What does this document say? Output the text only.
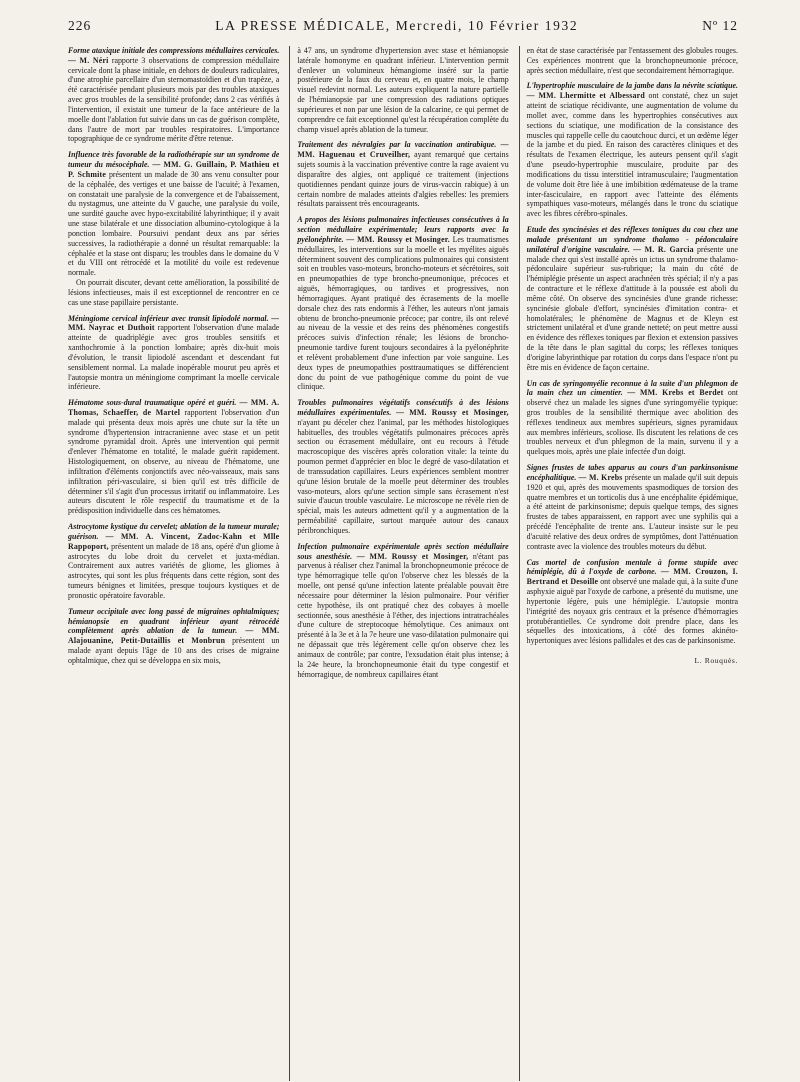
226	LA PRESSE MÉDICALE, Mercredi, 10 Février 1932	Nº 12
Forme ataxique initiale des compressions médullaires cervicales. — M. Néri rapporte 3 observations de compression médullaire cervicale dont la phase initiale, en dehors de douleurs radiculaires, d'une atrophie parcellaire d'un sternomastoïdien et d'un trapèze, a été caractérisée pendant plusieurs mois par des troubles ataxiques avec gros troubles de la sensibilité profonde; dans 2 cas vérifiés à l'intervention, il existait une tumeur de la face antérieure de la moelle dont l'ablation fut suivie dans un cas de guérison complète, dans l'autre de mort par troubles respiratoires. L'importance topographique de ce syndrome mérite d'être retenue.
Influence très favorable de la radiothérapie sur un syndrome de tumeur du mésocéphale. — MM. G. Guillain, P. Mathieu et P. Schmite présentent un malade de 30 ans venu consulter pour de la céphalée, des vertiges et une baisse de l'acuité; à l'examen, on constatait une paralysie de la convergence et de l'abaissement, du nystagmus, une atteinte du V gauche, une paralysie du voile, une surdité gauche avec hypo-excitabilité labyrinthique; il y avait une stase bilatérale et une dissociation albumino-cytologique à la ponction lombaire. Poursuivi pendant deux ans par séries successives, la radiothérapie a donné un résultat remarquable: la céphalée et la stase ont disparu; les troubles dans le domaine du V et du VIII ont rétrocédé et la motilité du voile est redevenue normale.
On pourrait discuter, devant cette amélioration, la possibilité de lésions infectieuses, mais il est exceptionnel de rencontrer en ce cas une stase papillaire persistante.
Méningiome cervical inférieur avec transit lipiodolé normal. — MM. Nayrac et Duthoit rapportent l'observation d'une malade atteinte de quadriplégie avec gros troubles sensitifs et xanthochromie à la ponction lombaire; après dix-huit mois d'évolution, le transit lipiodolé ascendant et descendant fut sensiblement normal. La malade inopérable mourut peu après et l'autopsie montra un méningiome comprimant la moelle cervicale inférieure.
Hématome sous-dural traumatique opéré et guéri. — MM. A. Thomas, Schaeffer, de Martel rapportent l'observation d'un malade qui présenta deux mois après une chute sur la tête un syndrome d'hypertension intracranienne avec stase et un petit syndrome pyramidal droit. Après une intervention qui permit d'enlever l'hématome en totalité, le malade guérit rapidement. Histologiquement, on observe, au niveau de l'hématome, une infiltration d'éléments conjonctifs avec néo-vaisseaux, mais sans infiltration péri-vasculaire, si bien qu'il est très difficile de déterminer s'il s'agit d'un processus irritatif ou inflammatoire. Les auteurs discutent le rôle respectif du traumatisme et de la prédisposition individuelle dans ces hématomes.
Astrocytome kystique du cervelet; ablation de la tumeur murale; guérison. — MM. A. Vincent, Zadoc-Kahn et Mlle Rappoport, présentent un malade de 18 ans, opéré d'un gliome à astrocytes du lobe droit du cervelet et juxta-médian. Contrairement aux autres variétés de gliome, les gliomes à astrocytes, qui sont les plus fréquents dans cette région, sont des tumeurs bénignes et limitées, presque toujours kystiques et de pronostic opératoire favorable.
Tumeur occipitale avec long passé de migraines ophtalmiques; hémianopsie en quadrant inférieur ayant rétrocédé complètement après ablation de la tumeur. — MM. Alajouanine, Petit-Dutaillis et Monbrun présentent un malade ayant depuis l'âge de 10 ans des crises de migraine ophtalmique, chez qui se développa en six mois,
à 47 ans, un syndrome d'hypertension avec stase et hémianopsie latérale homonyme en quadrant inférieur. L'intervention permit d'enlever un volumineux hémangiome inséré sur la partie postérieure de la faux du cerveau et, en quatre mois, le champ visuel redevint normal. Les auteurs expliquent la nature partielle de l'hémianopsie par une compression des radiations optiques supérieures et non par une lésion de la calcarine, ce qui permet de comprendre ce fait exceptionnel qu'est la récupération complète du champ visuel après ablation de la tumeur.
Traitement des névralgies par la vaccination antirabique. — MM. Haguenau et Cruveilher, ayant remarqué que certains sujets soumis à la vaccination préventive contre la rage avaient vu disparaître des algies, ont appliqué ce traitement (injections quotidiennes pendant quinze jours de virus-vaccin rabique) à un certain nombre de malades atteints d'algies rebelles: les premiers résultats paraissent très encourageants.
A propos des lésions pulmonaires infectieuses consécutives à la section médullaire expérimentale; leurs rapports avec la pyélonéphrite. — MM. Roussy et Mosinger. Les traumatismes médullaires, les interventions sur la moelle et les myélites aiguës déterminent souvent des complications pulmonaires qui consistent soit en troubles vaso-moteurs, broncho-moteurs et sécrétoires, soit en pneumopathies de type broncho-pneumonique, précoces et aiguës, hémorragiques, ou tardives et progressives, non hémorragiques. Ayant pratiqué des écrasements de la moelle dorsale chez des rats endormis à l'éther, les auteurs n'ont jamais obtenu de broncho-pneumonie précoce; par contre, ils ont relevé au niveau de la vessie et des reins des phénomènes congestifs précoces suivis d'infection rénale; les lésions de broncho-pneumonie tardive furent toujours secondaires à la pyélonéphrite et relèvent probablement d'une infection par voie sanguine. Les deux types de pneumopathies posttraumatiques se différencient donc du point de vue pathogénique comme du point de vue clinique.
Troubles pulmonaires végétatifs consécutifs à des lésions médullaires expérimentales. — MM. Roussy et Mosinger, n'ayant pu déceler chez l'animal, par les méthodes histologiques habituelles, des troubles végétatifs pulmonaires précoces après section ou écrasement médullaire, ont eu recours à l'étude macroscopique des viscères après coloration vitale: la teinte du poumon permet d'apprécier en bloc le degré de vaso-dilatation et de transsudation capillaires. Leurs expériences semblent montrer qu'une lésion brutale de la moelle peut déterminer des troubles vaso-moteurs, alors qu'une section simple sans écrasement n'est suivie d'aucun trouble vasculaire. Le microscope ne révèle rien de spécial, mais les auteurs admettent qu'il y a augmentation de la perméabilité capillaire, surtout marquée autour des canaux péribronchiques.
Infection pulmonaire expérimentale après section médullaire sous anesthésie. — MM. Roussy et Mosinger, n'étant pas parvenus à réaliser chez l'animal la bronchopneumonie précoce de type hémorragique telle qu'on l'observe chez les blessés de la moelle, ont pensé qu'une infection latente préalable pouvait être nécessaire pour déterminer la lésion pulmonaire. Pour vérifier cette hypothèse, ils ont pratiqué chez des cobayes à moelle sectionnée, sous anesthésie à l'éther, des injections intratrachéales d'une culture de streptocoque hémolytique. Ces animaux ont présenté à la 3e et à la 7e heure une vaso-dilatation pulmonaire qui ne dépassait que très légèrement celle qu'on observe chez les animaux de contrôle; par contre, l'exsudation était plus intense; à la 24e heure, la bronchopneumonie était du type congestif et hémorragique, de nombreux capillaires étant
en état de stase caractérisée par l'entassement des globules rouges. Ces expériences montrent que la bronchopneumonie précoce, après section médullaire, n'est que secondairement hémorragique.
L'hypertrophie musculaire de la jambe dans la névrite sciatique. — MM. Lhermitte et Albessard ont constaté, chez un sujet atteint de sciatique récidivante, une augmentation de volume du mollet avec, comme dans les hypertrophies consécutives aux sections du sciatique, une modification de la consistance des muscles qui rappelle celle du caoutchouc durci, et un œdème léger de la jambe et du pied. En raison des caractères cliniques et des résultats de l'examen électrique, les auteurs pensent qu'il s'agit d'une pseudo-hypertrophie musculaire, produite par des modifications du tissu interstitiel intramusculaire; l'augmentation de volume doit être liée à une imbibition œdémateuse de la trame inter-fasciculaire, en rapport avec l'atteinte des éléments sympathiques vaso-moteurs, mélangés dans le tronc du sciatique avec les fibres cérébro-spinales.
Etude des syncinésies et des réflexes toniques du cou chez une malade présentant un syndrome thalamo - pédonculaire unilatéral d'origine vasculaire. — M. R. Garcia présente une malade chez qui s'est installé après un ictus un syndrome thalamo-pédonculaire supérieur sus-rubrique; la main du côté de l'hémiplégie présente un aspect arachnéen très spécial; il n'y a pas de contracture et le réflexe d'attitude à la poussée est aboli du même côté. On observe des syncinésies d'une grande richesse: syncinésie globale d'effort, syncinésies d'imitation contra- et homolatérales; le phénomène de Magnus et de Kleyn est strictement unilatéral et d'une grande netteté; on peut mettre aussi en évidence des réflexes toniques par flexion et extension passives de la tête dans le plan sagittal du corps; les réflexes toniques d'origine labyrinthique par rotation du corps dans l'espace n'ont pu être mis en évidence de façon certaine.
Un cas de syringomyélie reconnue à la suite d'un phlegmon de la main chez un cimentier. — MM. Krebs et Berdet ont observé chez un malade les signes d'une syringomyélie typique: gros troubles de la sensibilité thermique avec abolition des réflexes tendineux aux membres supérieurs, signes pyramidaux aux membres inférieurs, scoliose. Ils discutent les relations de ces troubles nerveux et d'un phlegmon de la main, survenu il y a quelques mois, après une plaie infectée d'un doigt.
Signes frustes de tabes apparus au cours d'un parkinsonisme encéphalitique. — M. Krebs présente un malade qu'il suit depuis 1920 et qui, après des mouvements spasmodiques de torsion des quatre membres et un torticolis dus à une encéphalite épidémique, a été atteint de parkinsonisme; depuis quelque temps, des signes frustes de tabes apparaissent, en rapport avec une syphilis qui a précédé l'encéphalite de trente ans. L'auteur insiste sur le peu d'acuité relative des deux ordres de symptômes, dont l'atténuation contraste avec la violence des troubles moteurs du début.
Cas mortel de confusion mentale à forme stupide avec hémiplégie, dû à l'oxyde de carbone. — MM. Crouzon, I. Bertrand et Desoille ont observé une malade qui, à la suite d'une asphyxie aiguë par l'oxyde de carbone, a présenté du mutisme, une hypertonie légère, puis une hémiplégie. L'autopsie montra l'intégrité des noyaux gris centraux et la présence d'hémorragies protubérantielles. Ce syndrome doit prendre place, dans les séquelles des intoxications, à côté des formes akinéto-hypertoniques avec lésions pallidales et des cas de parkinsonisme.
L. Rouquès.
